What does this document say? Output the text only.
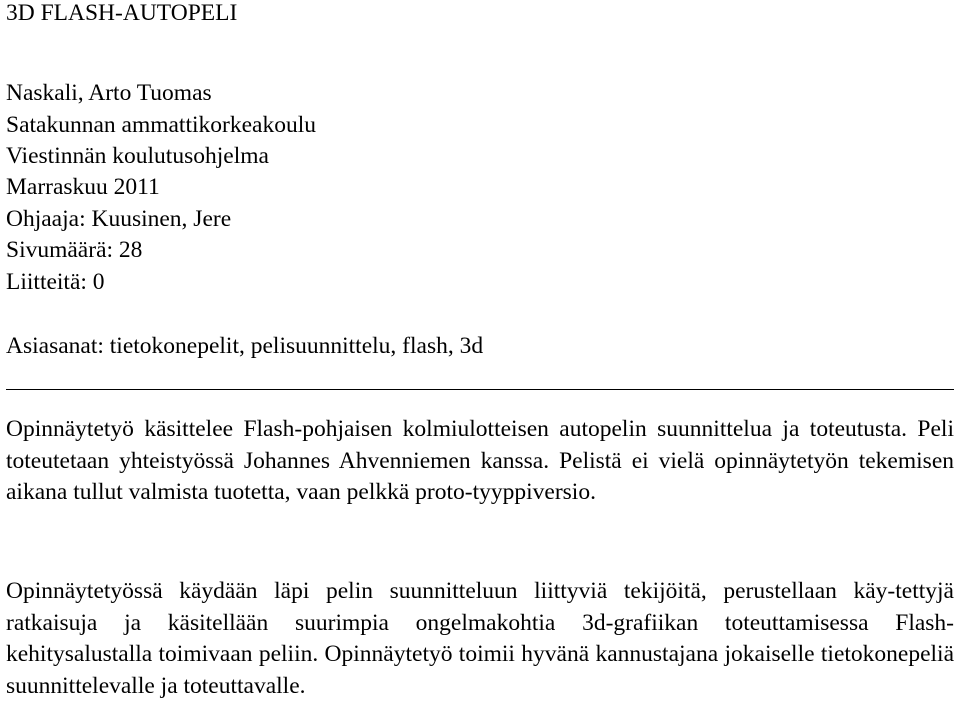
3D FLASH-AUTOPELI

Naskali, Arto Tuomas

Satakunnan ammattikorkeakoulu

Viestinnän koulutusohjelma

Marraskuu 2011

Ohjaaja: Kuusinen, Jere

Sivumäärä: 28

Liitteitä: 0

Asiasanat: tietokonepelit, pelisuunnittelu, flash, 3d

Opinnäytetyö käsittelee Flash-pohjaisen kolmiulotteisen autopelin suunnittelua ja toteutusta. Peli toteutetaan yhteistyössä Johannes Ahvenniemen kanssa. Pelistä ei vielä opinnäytetyön tekemisen aikana tullut valmista tuotetta, vaan pelkkä proto-tyyppiversio.

Opinnäytetyössä käydään läpi pelin suunnitteluun liittyviä tekijöitä, perustellaan käy-tettyjä ratkaisuja ja käsitellään suurimpia ongelmakohtia 3d-grafiikan toteuttamisessa Flash-kehitysalustalla toimivaan peliin. Opinnäytetyö toimii hyvänä kannustajana jokaiselle tietokonepeliä suunnittelevalle ja toteuttavalle.
